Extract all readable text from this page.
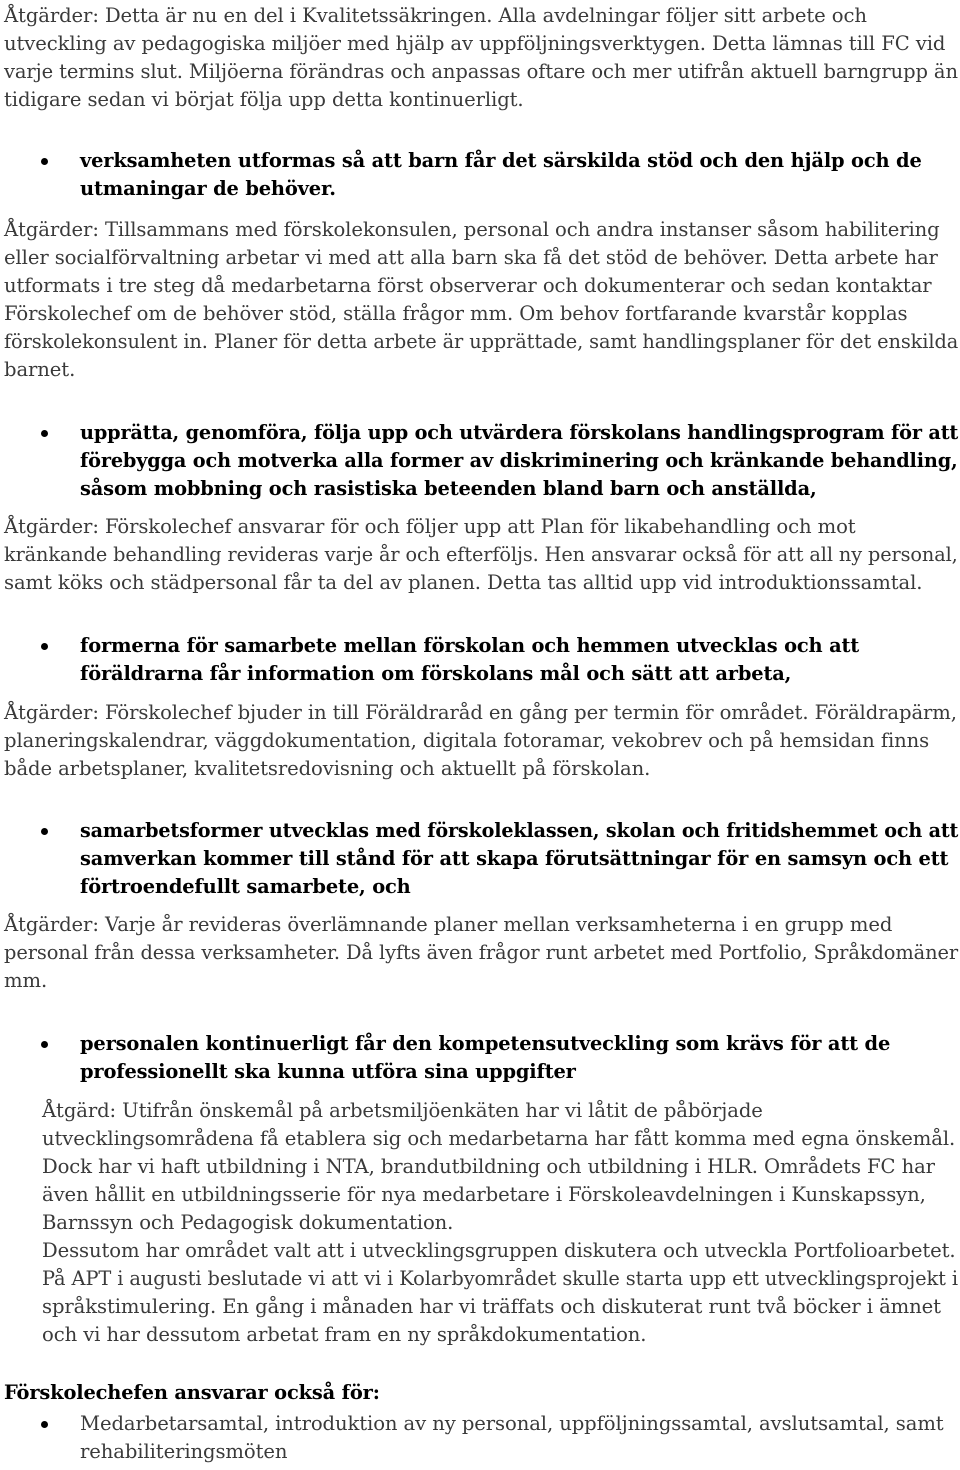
Åtgärder: Detta är nu en del i Kvalitetssäkringen. Alla avdelningar följer sitt arbete och
utveckling av pedagogiska miljöer med hjälp av uppföljningsverktygen. Detta lämnas till FC vid
varje termins slut. Miljöerna förändras och anpassas oftare och mer utifrån aktuell barngrupp än
tidigare sedan vi börjat följa upp detta kontinuerligt.
verksamheten utformas så att barn får det särskilda stöd och den hjälp och de
utmaningar de behöver.
Åtgärder: Tillsammans med förskolekonsulen, personal och andra instanser såsom habilitering
eller socialförvaltning arbetar vi med att alla barn ska få det stöd de behöver. Detta arbete har
utformats i tre steg då medarbetarna först observerar och dokumenterar och sedan kontaktar
Förskolechef om de behöver stöd, ställa frågor mm. Om behov fortfarande kvarstår kopplas
förskolekonsulent in. Planer för detta arbete är upprättade, samt handlingsplaner för det enskilda
barnet.
upprätta, genomföra, följa upp och utvärdera förskolans handlingsprogram för att
förebygga och motverka alla former av diskriminering och kränkande behandling,
såsom mobbning och rasistiska beteenden bland barn och anställda,
Åtgärder: Förskolechef ansvarar för och följer upp att Plan för likabehandling och mot
kränkande behandling revideras varje år och efterföljs. Hen ansvarar också för att all ny personal,
samt köks och städpersonal får ta del av planen. Detta tas alltid upp vid introduktionssamtal.
formerna för samarbete mellan förskolan och hemmen utvecklas och att
föräldrarna får information om förskolans mål och sätt att arbeta,
Åtgärder: Förskolechef bjuder in till Föräldraråd en gång per termin för området. Föräldrapärm,
planeringskalendrar, väggdokumentation, digitala fotoramar, vekobrev och på hemsidan finns
både arbetsplaner, kvalitetsredovisning och aktuellt på förskolan.
samarbetsformer utvecklas med förskoleklassen, skolan och fritidshemmet och att
samverkan kommer till stånd för att skapa förutsättningar för en samsyn och ett
förtroendefullt samarbete, och
Åtgärder: Varje år revideras överlämnande planer mellan verksamheterna i en grupp med
personal från dessa verksamheter. Då lyfts även frågor runt arbetet med Portfolio, Språkdomäner
mm.
personalen kontinuerligt får den kompetensutveckling som krävs för att de
professionellt ska kunna utföra sina uppgifter
Åtgärd: Utifrån önskemål på arbetsmiljöenkäten har vi låtit de påbörjade
utvecklingsområdena få etablera sig och medarbetarna har fått komma med egna önskemål.
Dock har vi haft utbildning i NTA, brandutbildning och utbildning i HLR. Områdets FC har
även hållit en utbildningsserie för nya medarbetare i Förskoleavdelningen i Kunskapssyn,
Barnssyn och Pedagogisk dokumentation.
Dessutom har området valt att i utvecklingsgruppen diskutera och utveckla Portfolioarbetet.
På APT i augusti beslutade vi att vi i Kolarbyområdet skulle starta upp ett utvecklingsprojekt i
språkstimulering. En gång i månaden har vi träffats och diskuterat runt två böcker i ämnet
och vi har dessutom arbetat fram en ny språkdokumentation.
Förskolechefen ansvarar också för:
Medarbetarsamtal, introduktion av ny personal, uppföljningssamtal, avslutsamtal, samt
rehabiliteringsmöten
